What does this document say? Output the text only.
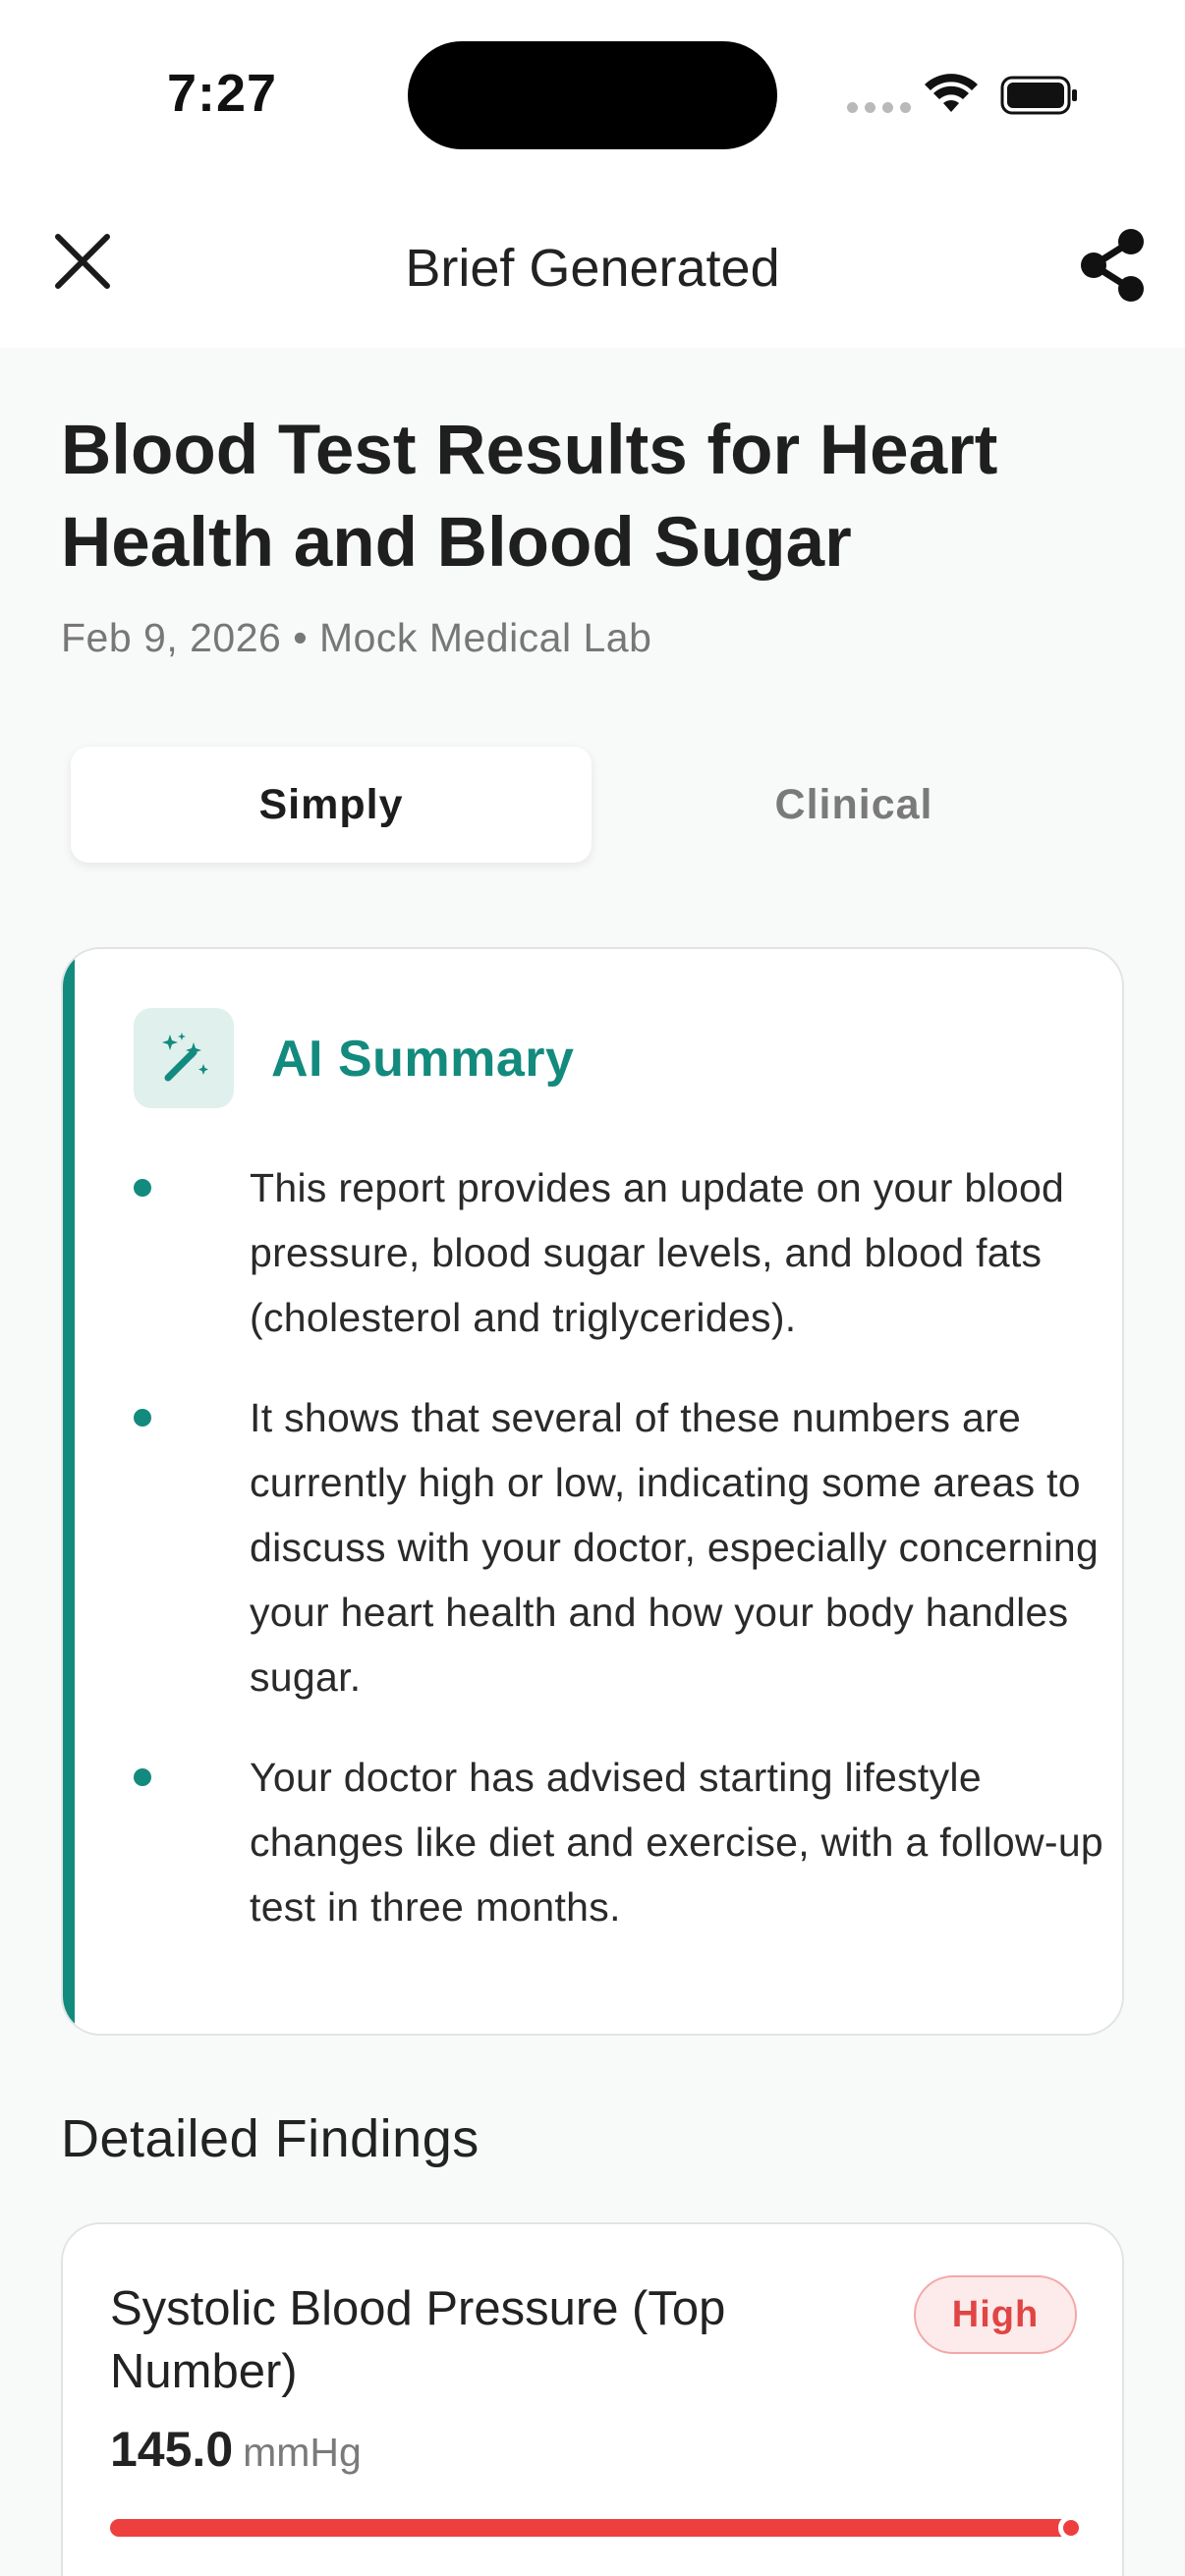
7:27
Brief Generated
Blood Test Results for Heart Health and Blood Sugar
Feb 9, 2026 • Mock Medical Lab
Simply	Clinical
AI Summary
This report provides an update on your blood pressure, blood sugar levels, and blood fats (cholesterol and triglycerides).
It shows that several of these numbers are currently high or low, indicating some areas to discuss with your doctor, especially concerning your heart health and how your body handles sugar.
Your doctor has advised starting lifestyle changes like diet and exercise, with a follow-up test in three months.
Detailed Findings
Systolic Blood Pressure (Top Number)
High
145.0 mmHg
